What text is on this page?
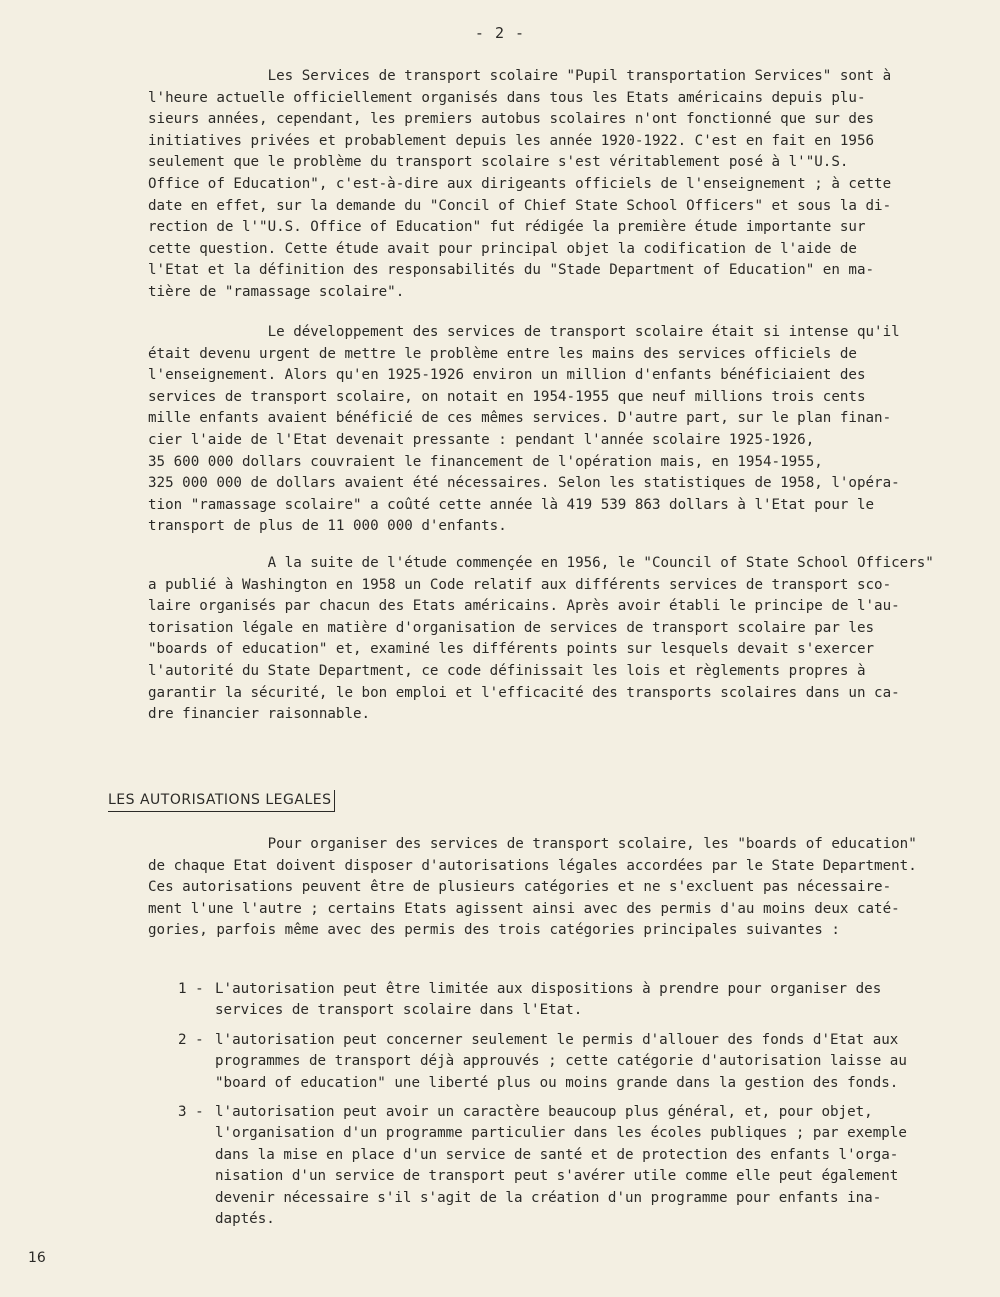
- 2 -
Les Services de transport scolaire "Pupil transportation Services" sont à
l'heure actuelle officiellement organisés dans tous les Etats américains depuis plu-
sieurs années, cependant, les premiers autobus scolaires n'ont fonctionné que sur des
initiatives privées et probablement depuis les année 1920-1922. C'est en fait en 1956
seulement que le problème du transport scolaire s'est véritablement posé à l'"U.S.
Office of Education", c'est-à-dire aux dirigeants officiels de l'enseignement ; à cette
date en effet, sur la demande du "Concil of Chief State School Officers" et sous la di-
rection de l'"U.S. Office of Education" fut rédigée la première étude importante sur
cette question. Cette étude avait pour principal objet la codification de l'aide de
l'Etat et la définition des responsabilités du "Stade Department of Education" en ma-
tière de "ramassage scolaire".
Le développement des services de transport scolaire était si intense qu'il
était devenu urgent de mettre le problème entre les mains des services officiels de
l'enseignement. Alors qu'en 1925-1926 environ un million d'enfants bénéficiaient des
services de transport scolaire, on notait en 1954-1955 que neuf millions trois cents
mille enfants avaient bénéficié de ces mêmes services. D'autre part, sur le plan finan-
cier l'aide de l'Etat devenait pressante : pendant l'année scolaire 1925-1926,
35 600 000 dollars couvraient le financement de l'opération mais, en 1954-1955,
325 000 000 de dollars avaient été nécessaires. Selon les statistiques de 1958, l'opéra-
tion "ramassage scolaire" a coûté cette année là 419 539 863 dollars à l'Etat pour le
transport de plus de 11 000 000 d'enfants.
A la suite de l'étude commençée en 1956, le "Council of State School Officers"
a publié à Washington en 1958 un Code relatif aux différents services de transport sco-
laire organisés par chacun des Etats américains. Après avoir établi le principe de l'au-
torisation légale en matière d'organisation de services de transport scolaire par les
"boards of education" et, examiné les différents points sur lesquels devait s'exercer
l'autorité du State Department, ce code définissait les lois et règlements propres à
garantir la sécurité, le bon emploi et l'efficacité des transports scolaires dans un ca-
dre financier raisonnable.
LES AUTORISATIONS LEGALES
Pour organiser des services de transport scolaire, les "boards of education"
de chaque Etat doivent disposer d'autorisations légales accordées par le State Department.
Ces autorisations peuvent être de plusieurs catégories et ne s'excluent pas nécessaire-
ment l'une l'autre ; certains Etats agissent ainsi avec des permis d'au moins deux caté-
gories, parfois même avec des permis des trois catégories principales suivantes :
1 - L'autorisation peut être limitée aux dispositions à prendre pour organiser des
services de transport scolaire dans l'Etat.
2 - l'autorisation peut concerner seulement le permis d'allouer des fonds d'Etat aux
programmes de transport déjà approuvés ; cette catégorie d'autorisation laisse au
"board of education" une liberté plus ou moins grande dans la gestion des fonds.
3 - l'autorisation peut avoir un caractère beaucoup plus général, et, pour objet,
l'organisation d'un programme particulier dans les écoles publiques ; par exemple
dans la mise en place d'un service de santé et de protection des enfants l'orga-
nisation d'un service de transport peut s'avérer utile comme elle peut également
devenir nécessaire s'il s'agit de la création d'un programme pour enfants ina-
daptés.
16
